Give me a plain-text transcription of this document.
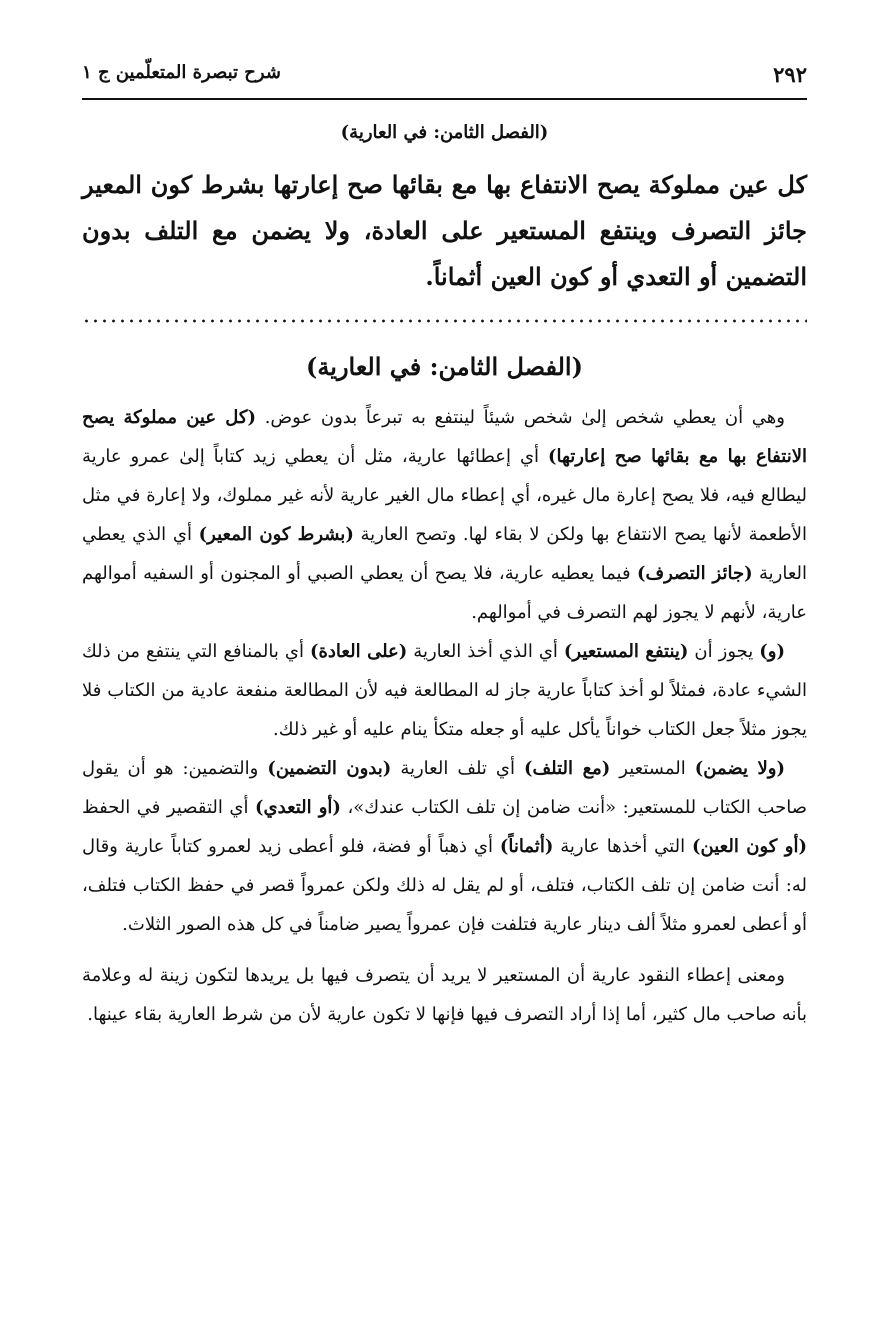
٢٩٢
شرح تبصرة المتعلّمين ج ١
(الفصل الثامن: في العارية)
كل عين مملوكة يصح الانتفاع بها مع بقائها صح إعارتها بشرط كون المعير جائز التصرف وينتفع المستعير على العادة، ولا يضمن مع التلف بدون التضمين أو التعدي أو كون العين أثماناً.
(الفصل الثامن: في العارية)

وهي أن يعطي شخص إلىٰ شخص شيئاً لينتفع به تبرعاً بدون عوض. (كل عين مملوكة يصح الانتفاع بها مع بقائها صح إعارتها) أي إعطائها عارية، مثل أن يعطي زيد كتاباً إلىٰ عمرو عارية ليطالع فيه، فلا يصح إعارة مال غيره، أي إعطاء مال الغير عارية لأنه غير مملوك، ولا إعارة في مثل الأطعمة لأنها يصح الانتفاع بها ولكن لا بقاء لها. وتصح العارية (بشرط كون المعير) أي الذي يعطي العارية (جائز التصرف) فيما يعطيه عارية، فلا يصح أن يعطي الصبي أو المجنون أو السفيه أموالهم عارية، لأنهم لا يجوز لهم التصرف في أموالهم.

(و) يجوز أن (ينتفع المستعير) أي الذي أخذ العارية (على العادة) أي بالمنافع التي ينتفع من ذلك الشيء عادة، فمثلاً لو أخذ كتاباً عارية جاز له المطالعة فيه لأن المطالعة منفعة عادية من الكتاب فلا يجوز مثلاً جعل الكتاب خواناً يأكل عليه أو جعله متكأ ينام عليه أو غير ذلك.

(ولا يضمن) المستعير (مع التلف) أي تلف العارية (بدون التضمين) والتضمين: هو أن يقول صاحب الكتاب للمستعير: «أنت ضامن إن تلف الكتاب عندك»، (أو التعدي) أي التقصير في الحفظ (أو كون العين) التي أخذها عارية (أثماناً) أي ذهباً أو فضة، فلو أعطى زيد لعمرو كتاباً عارية وقال له: أنت ضامن إن تلف الكتاب، فتلف، أو لم يقل له ذلك ولكن عمرواً قصر في حفظ الكتاب فتلف، أو أعطى لعمرو مثلاً ألف دينار عارية فتلفت فإن عمرواً يصير ضامناً في كل هذه الصور الثلاث.

ومعنى إعطاء النقود عارية أن المستعير لا يريد أن يتصرف فيها بل يريدها لتكون زينة له وعلامة بأنه صاحب مال كثير، أما إذا أراد التصرف فيها فإنها لا تكون عارية لأن من شرط العارية بقاء عينها.
